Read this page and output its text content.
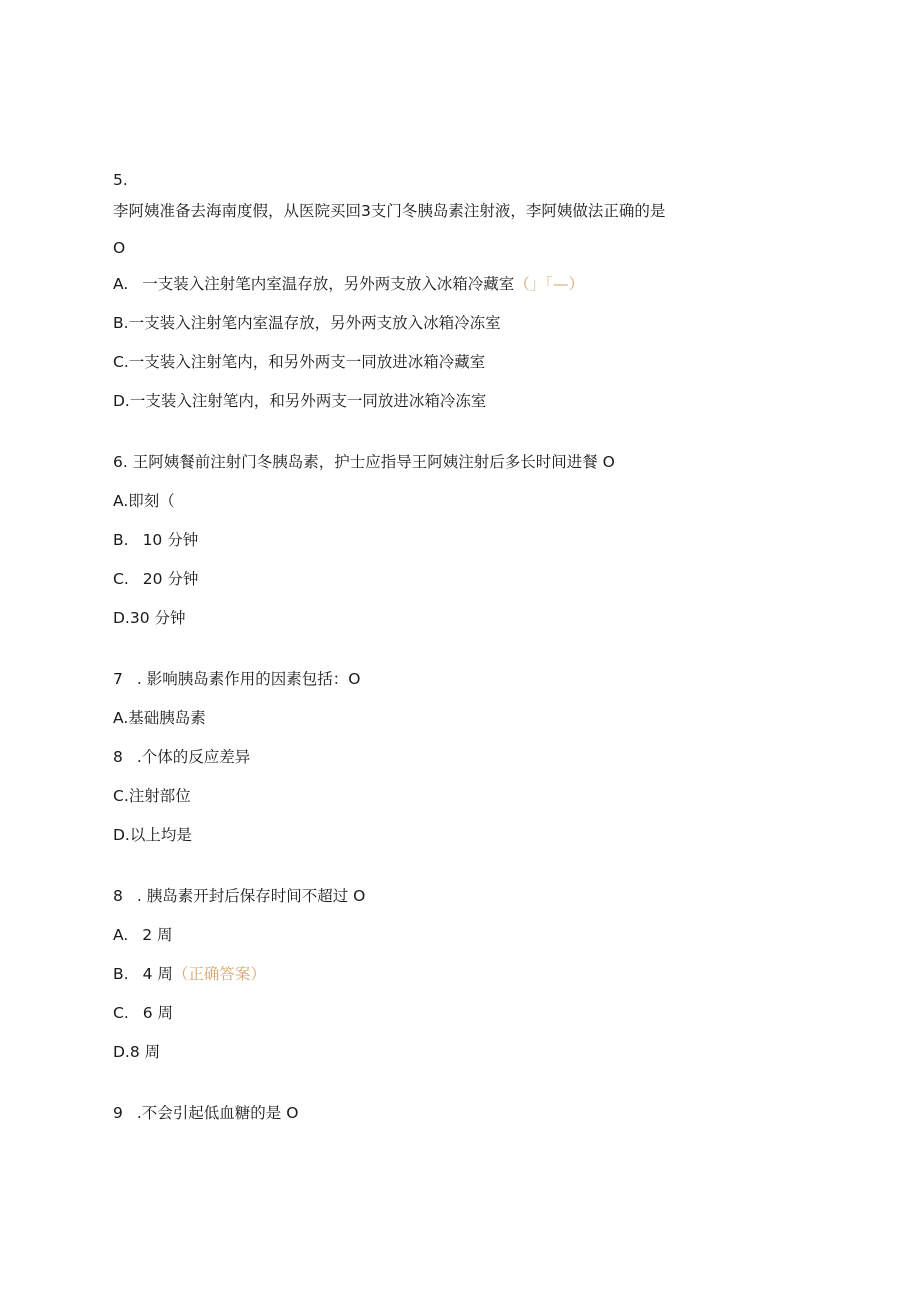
5.
李阿姨准备去海南度假，从医院买回3支门冬胰岛素注射液，李阿姨做法正确的是
O
A. 一支装入注射笔内室温存放，另外两支放入冰箱冷藏室（」「—）
B.一支装入注射笔内室温存放，另外两支放入冰箱冷冻室
C.一支装入注射笔内，和另外两支一同放进冰箱冷藏室
D.一支装入注射笔内，和另外两支一同放进冰箱冷冻室
6. 王阿姨餐前注射门冬胰岛素，护士应指导王阿姨注射后多长时间进餐 O
A.即刻（
B. 10 分钟
C. 20 分钟
D.30 分钟
7 . 影响胰岛素作用的因素包括：O
A.基础胰岛素
8 .个体的反应差异
C.注射部位
D.以上均是
8 . 胰岛素开封后保存时间不超过 O
A. 2 周
B. 4 周（正确答案）
C. 6 周
D.8 周
9 .不会引起低血糖的是 O
